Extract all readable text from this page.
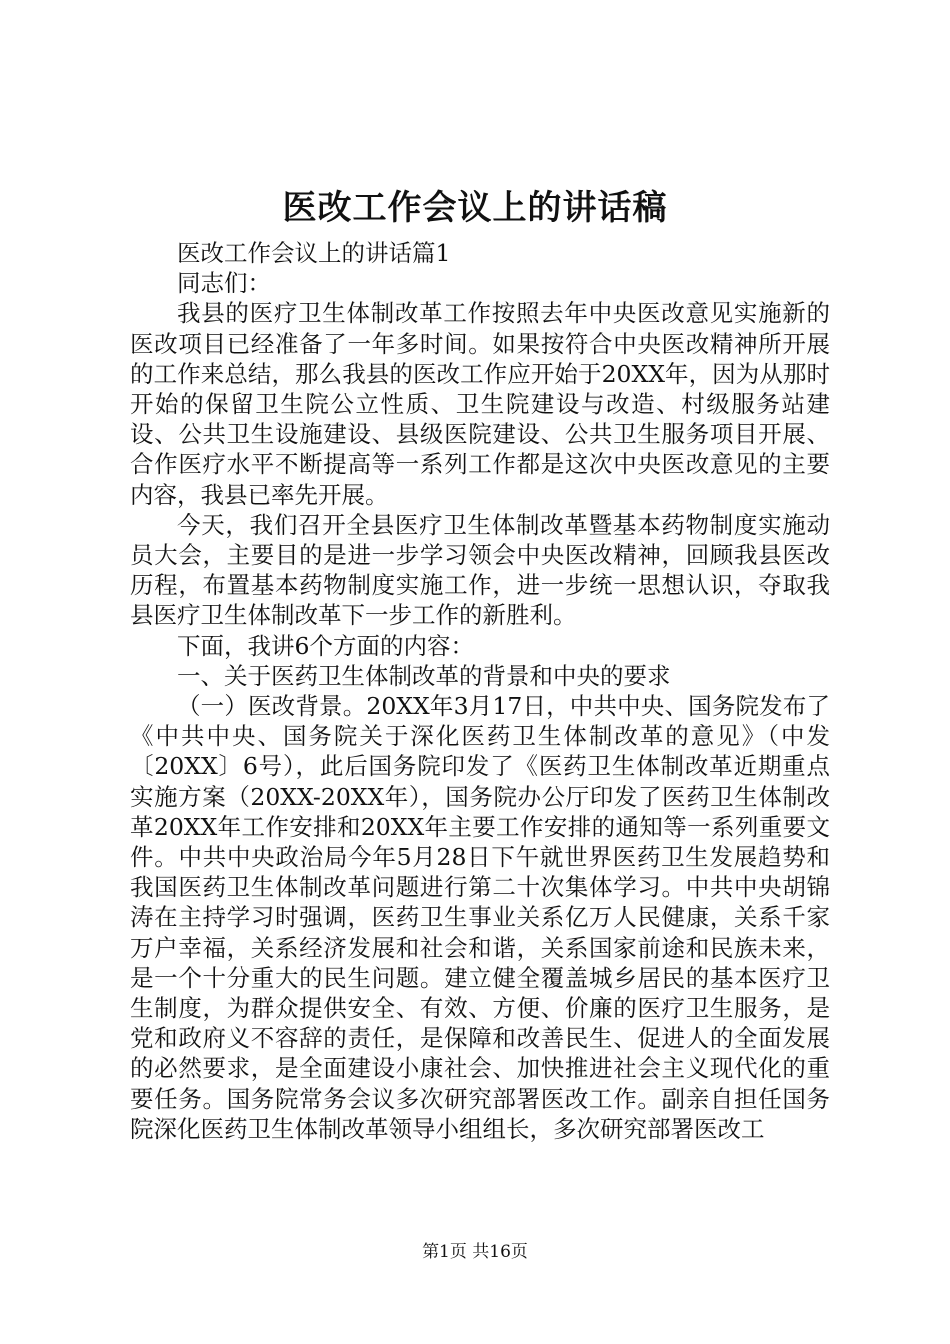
医改工作会议上的讲话稿

医改工作会议上的讲话篇1

同志们：

我县的医疗卫生体制改革工作按照去年中央医改意见实施新的医改项目已经准备了一年多时间。如果按符合中央医改精神所开展的工作来总结，那么我县的医改工作应开始于20XX年，因为从那时开始的保留卫生院公立性质、卫生院建设与改造、村级服务站建设、公共卫生设施建设、县级医院建设、公共卫生服务项目开展、合作医疗水平不断提高等一系列工作都是这次中央医改意见的主要内容，我县已率先开展。

今天，我们召开全县医疗卫生体制改革暨基本药物制度实施动员大会，主要目的是进一步学习领会中央医改精神，回顾我县医改历程，布置基本药物制度实施工作，进一步统一思想认识，夺取我县医疗卫生体制改革下一步工作的新胜利。

下面，我讲6个方面的内容：

一、关于医药卫生体制改革的背景和中央的要求

（一）医改背景。20XX年3月17日，中共中央、国务院发布了《中共中央、国务院关于深化医药卫生体制改革的意见》（中发〔20XX〕6号），此后国务院印发了《医药卫生体制改革近期重点实施方案（20XX-20XX年），国务院办公厅印发了医药卫生体制改革20XX年工作安排和20XX年主要工作安排的通知等一系列重要文件。中共中央政治局今年5月28日下午就世界医药卫生发展趋势和我国医药卫生体制改革问题进行第二十次集体学习。中共中央胡锦涛在主持学习时强调，医药卫生事业关系亿万人民健康，关系千家万户幸福，关系经济发展和社会和谐，关系国家前途和民族未来，是一个十分重大的民生问题。建立健全覆盖城乡居民的基本医疗卫生制度，为群众提供安全、有效、方便、价廉的医疗卫生服务，是党和政府义不容辞的责任，是保障和改善民生、促进人的全面发展的必然要求，是全面建设小康社会、加快推进社会主义现代化的重要任务。国务院常务会议多次研究部署医改工作。副亲自担任国务院深化医药卫生体制改革领导小组组长，多次研究部署医改工

第1页 共16页
